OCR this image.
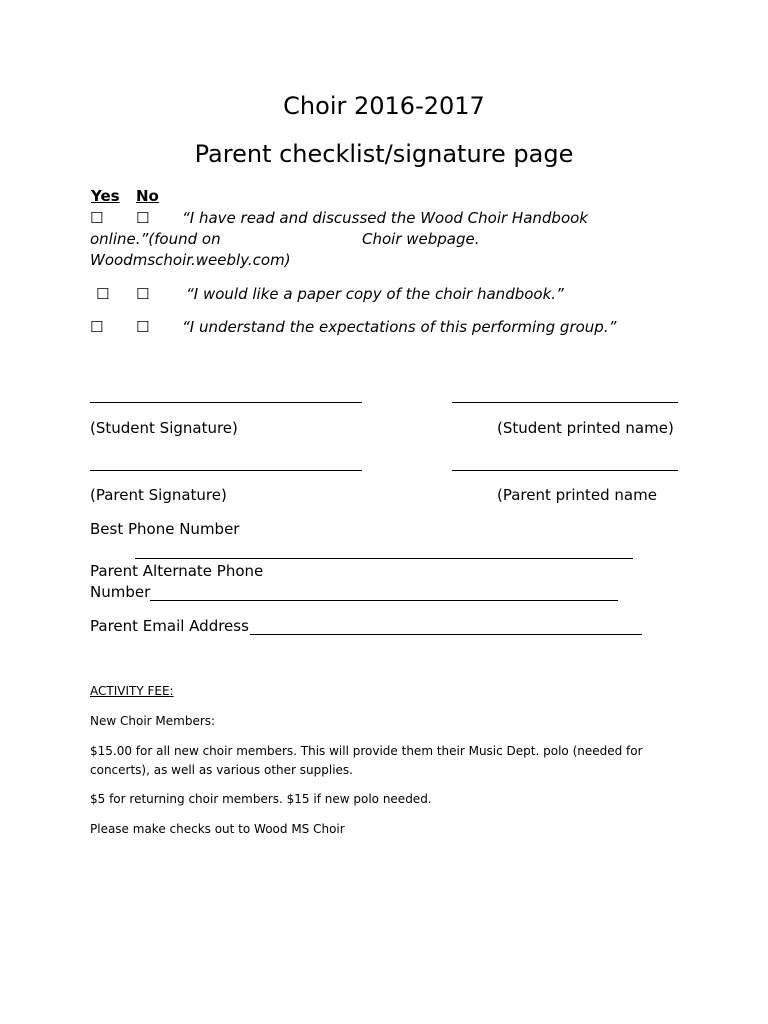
Choir 2016-2017
Parent checklist/signature page
Yes No
☐ ☐ “I have read and discussed the Wood Choir Handbook
online.”(found on	Choir webpage.
Woodmschoir.weebly.com)
☐ ☐ “I would like a paper copy of the choir handbook.”
☐ ☐ “I understand the expectations of this performing group.”
(Student Signature)	(Student printed name)
(Parent Signature)	(Parent printed name
Best Phone Number
Parent Alternate Phone
Number
Parent Email Address
ACTIVITY FEE:
New Choir Members:
$15.00 for all new choir members. This will provide them their Music Dept. polo (needed for
concerts), as well as various other supplies.
$5 for returning choir members. $15 if new polo needed.
Please make checks out to Wood MS Choir
